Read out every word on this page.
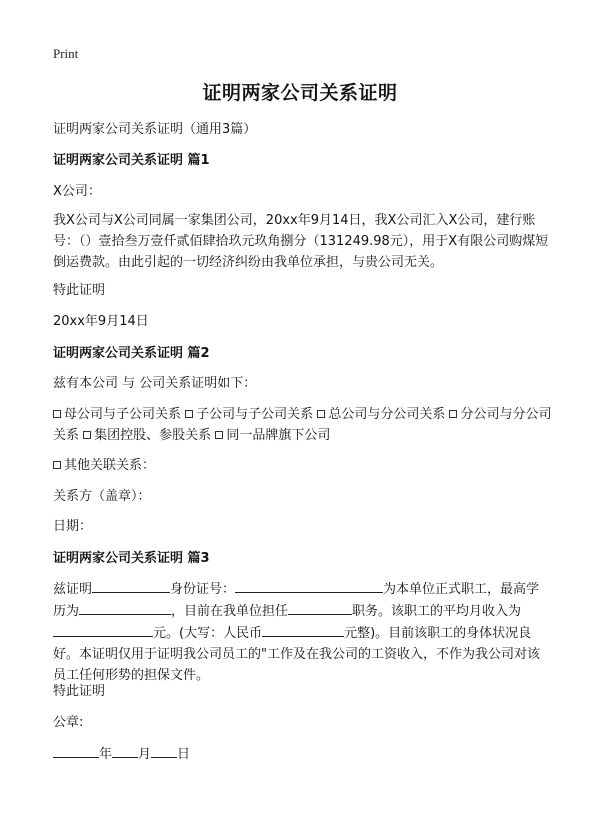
Print
证明两家公司关系证明

证明两家公司关系证明（通用3篇）

证明两家公司关系证明 篇1

X公司：

我X公司与X公司同属一家集团公司，20xx年9月14日，我X公司汇入X公司，建行账号：（）壹拾叁万壹仟贰佰肆拾玖元玖角捌分（131249.98元），用于X有限公司购煤短倒运费款。由此引起的一切经济纠纷由我单位承担，与贵公司无关。

特此证明

20xx年9月14日

证明两家公司关系证明 篇2

兹有本公司 与 公司关系证明如下：

母公司与子公司关系 子公司与子公司关系 总公司与分公司关系 分公司与分公司关系 集团控股、参股关系 同一品牌旗下公司

其他关联关系：

关系方（盖章）：

日期：

证明两家公司关系证明 篇3

兹证明	身份证号：	为本单位正式职工，最高学历为	，目前在我单位担任	职务。该职工的平均月收入为元。(大写：人民币	元整)。目前该职工的身体状况良好。本证明仅用于证明我公司员工的"工作及在我公司的工资收入，不作为我公司对该员工任何形势的担保文件。

特此证明

公章:

年 月 日
